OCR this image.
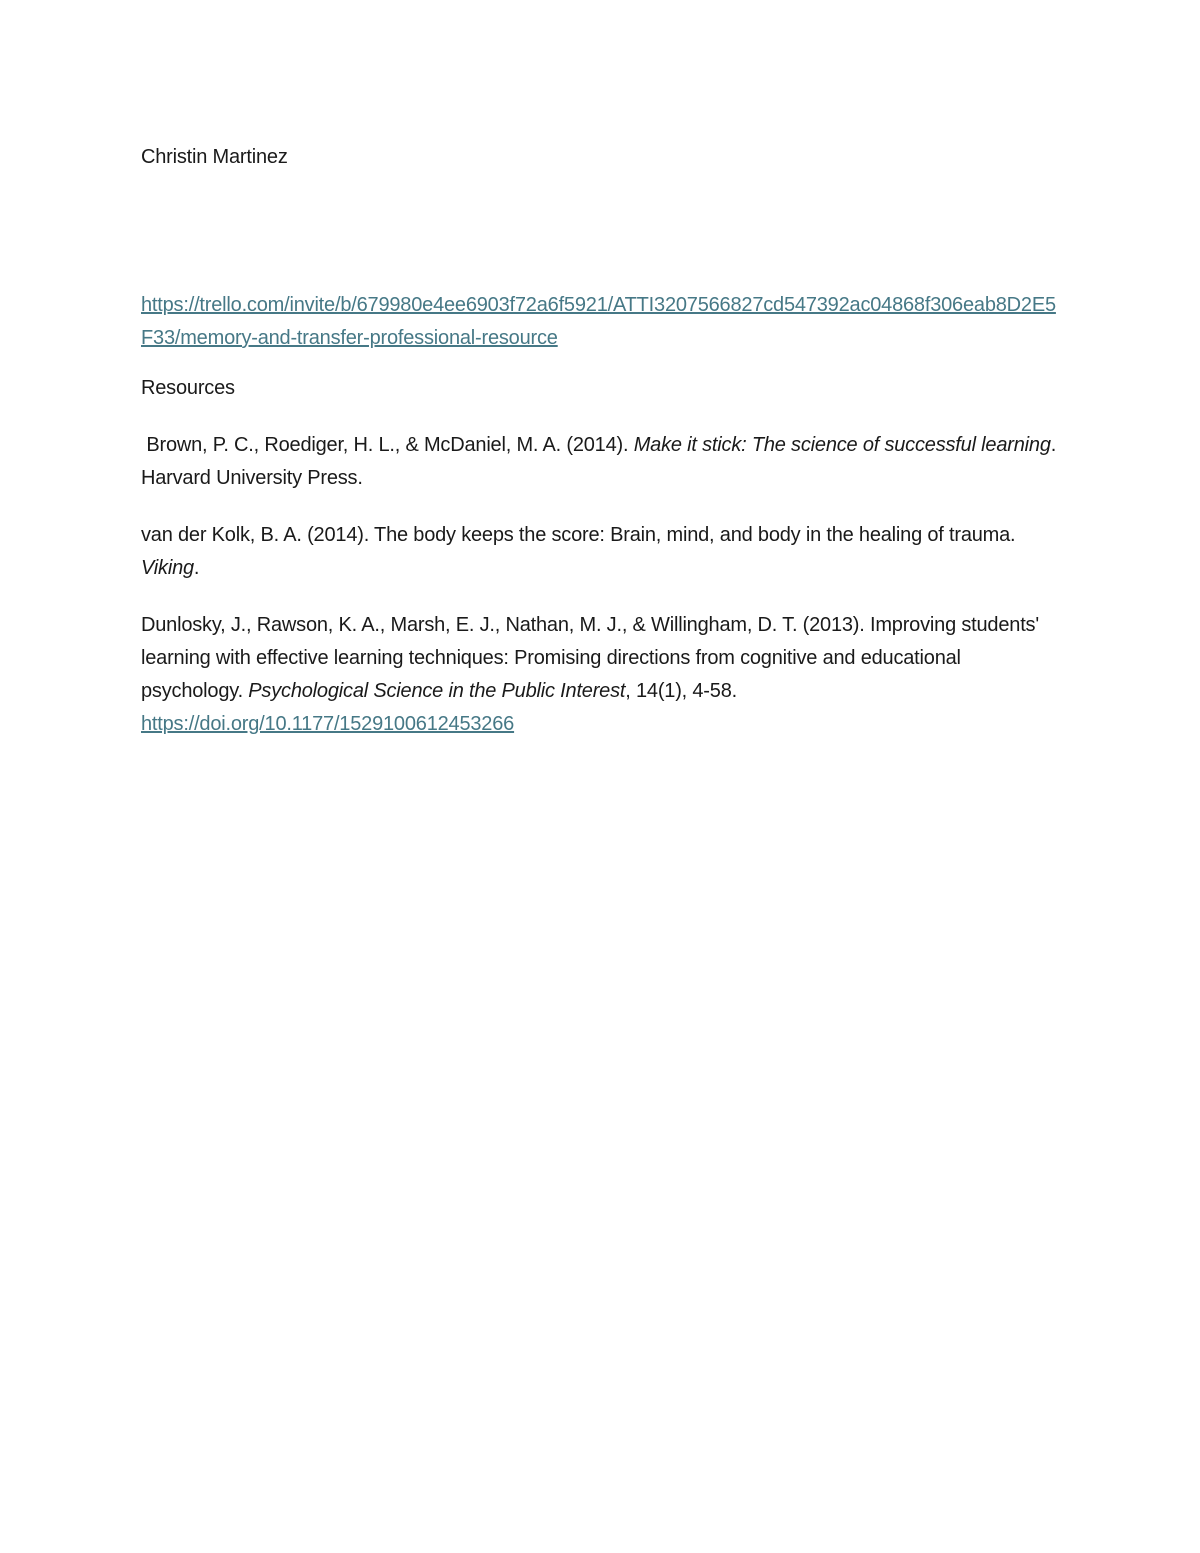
Christin Martinez

https://trello.com/invite/b/679980e4ee6903f72a6f5921/ATTI3207566827cd547392ac04868f306eab8D2E5F33/memory-and-transfer-professional-resource

Resources

Brown, P. C., Roediger, H. L., & McDaniel, M. A. (2014). Make it stick: The science of successful learning. Harvard University Press.

van der Kolk, B. A. (2014). The body keeps the score: Brain, mind, and body in the healing of trauma. Viking.

Dunlosky, J., Rawson, K. A., Marsh, E. J., Nathan, M. J., & Willingham, D. T. (2013). Improving students' learning with effective learning techniques: Promising directions from cognitive and educational psychology. Psychological Science in the Public Interest, 14(1), 4-58. https://doi.org/10.1177/1529100612453266
